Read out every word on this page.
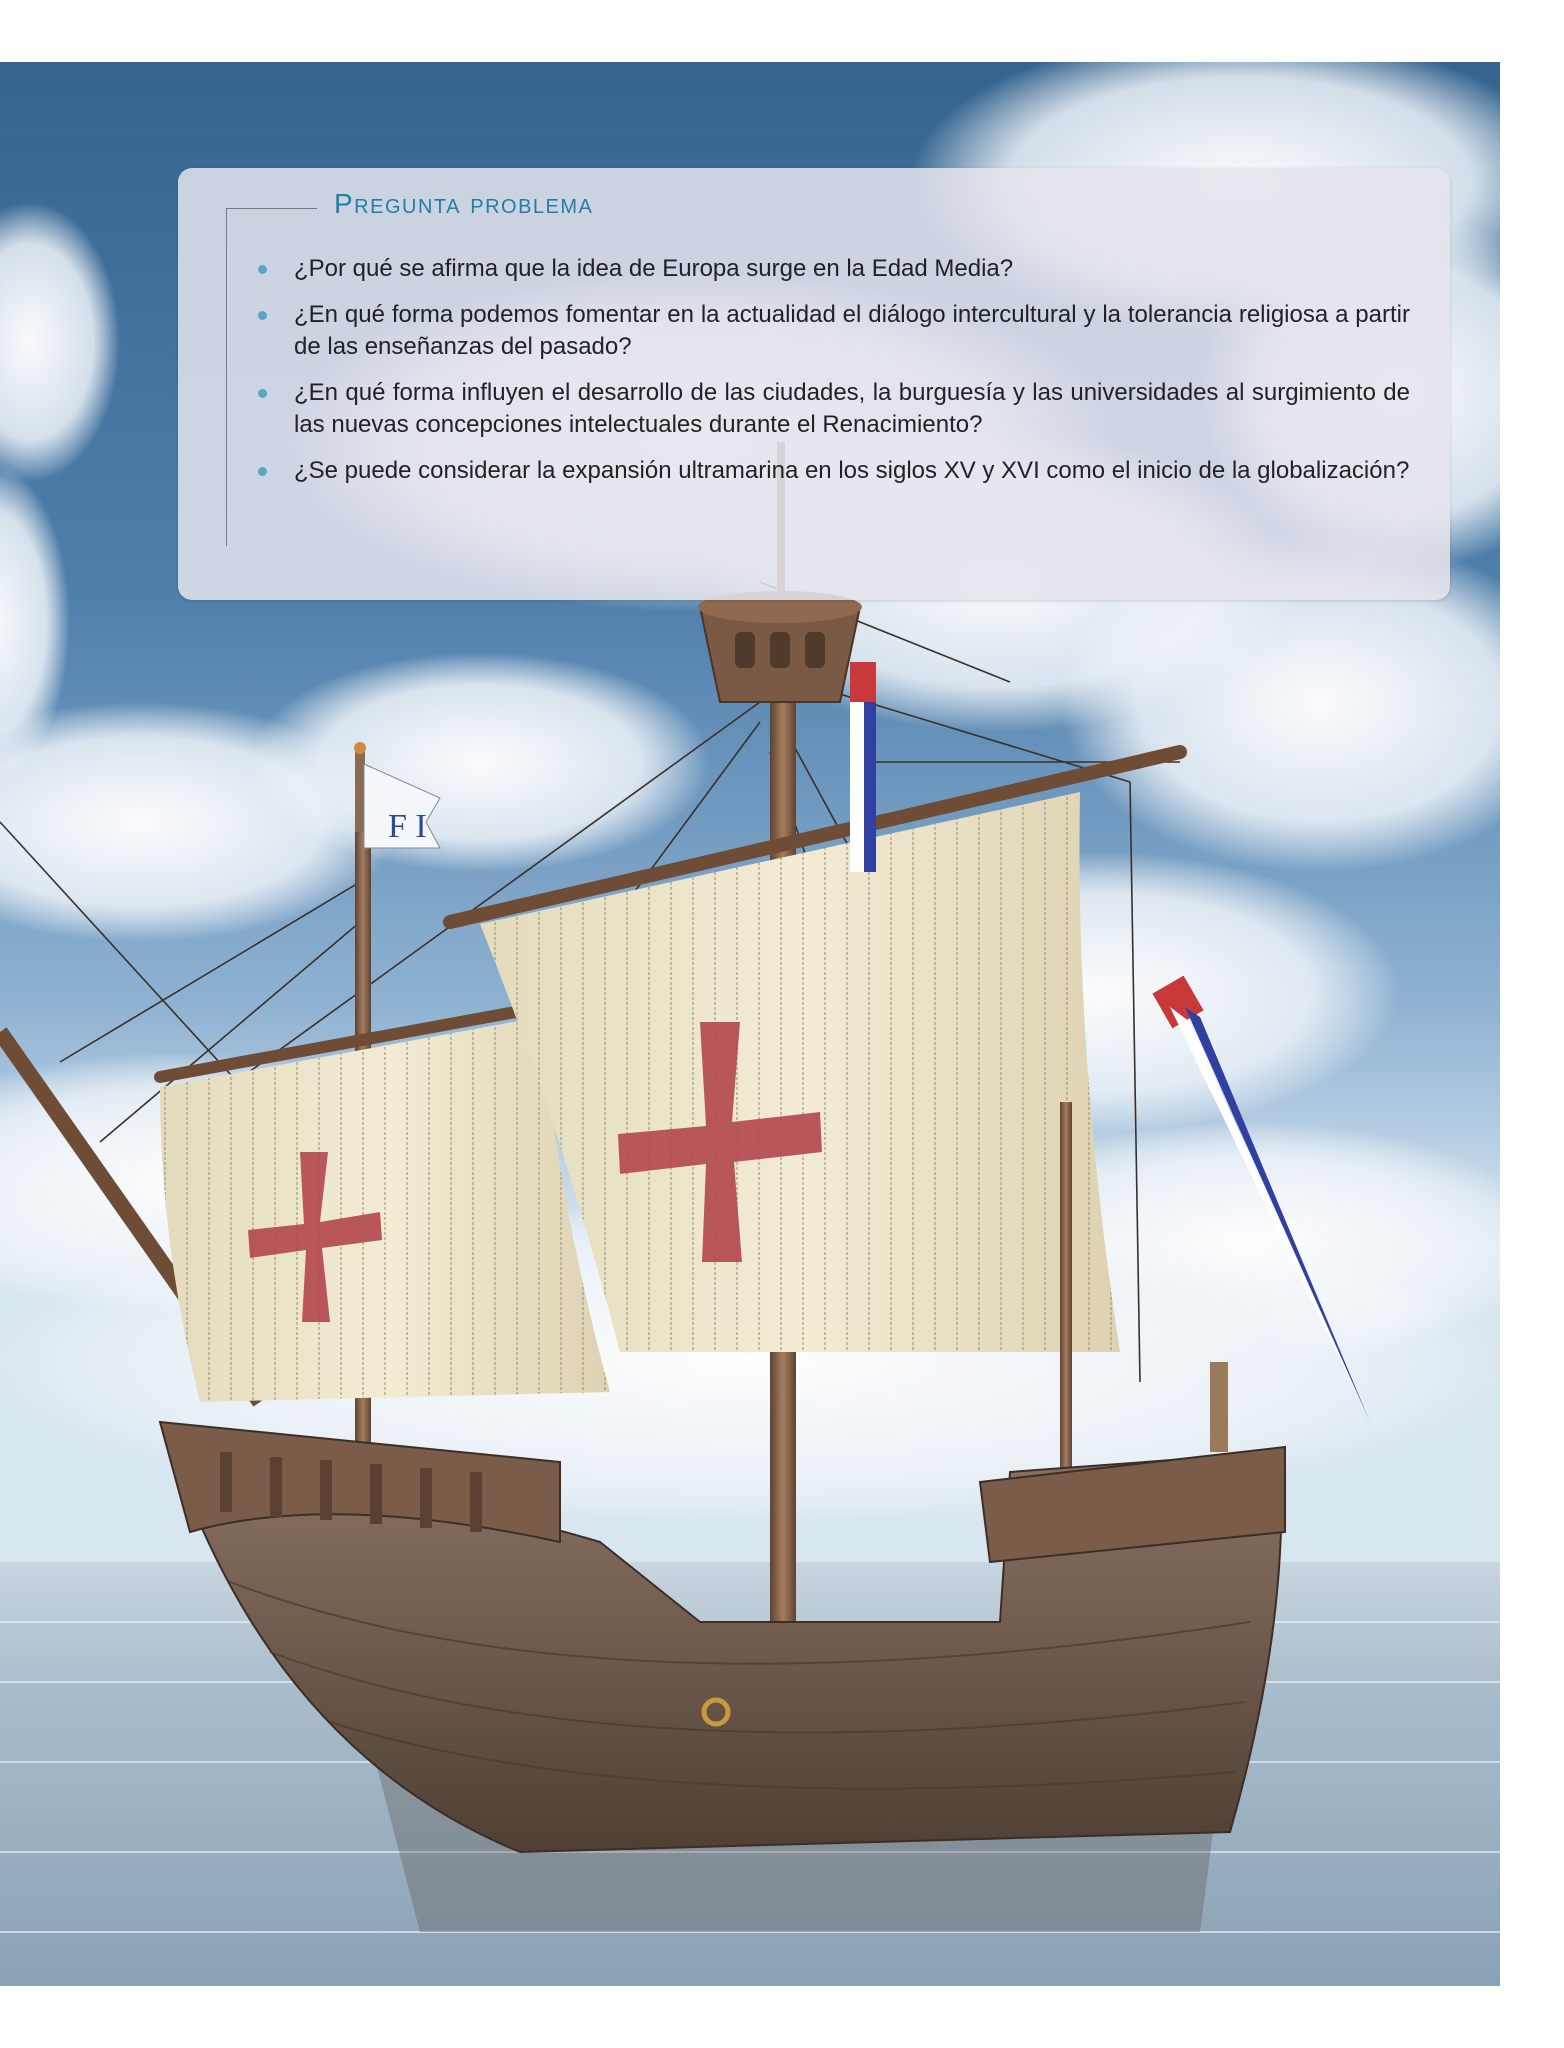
F I
Pregunta problema
¿Por qué se afirma que la idea de Europa surge en la Edad Media?
¿En qué forma podemos fomentar en la actualidad el diálogo intercultural y la tolerancia religiosa a partir de las enseñanzas del pasado?
¿En qué forma influyen el desarrollo de las ciudades, la burguesía y las universidades al surgimiento de las nuevas concepciones intelectuales durante el Renacimiento?
¿Se puede considerar la expansión ultramarina en los siglos XV y XVI como el inicio de la globalización?
